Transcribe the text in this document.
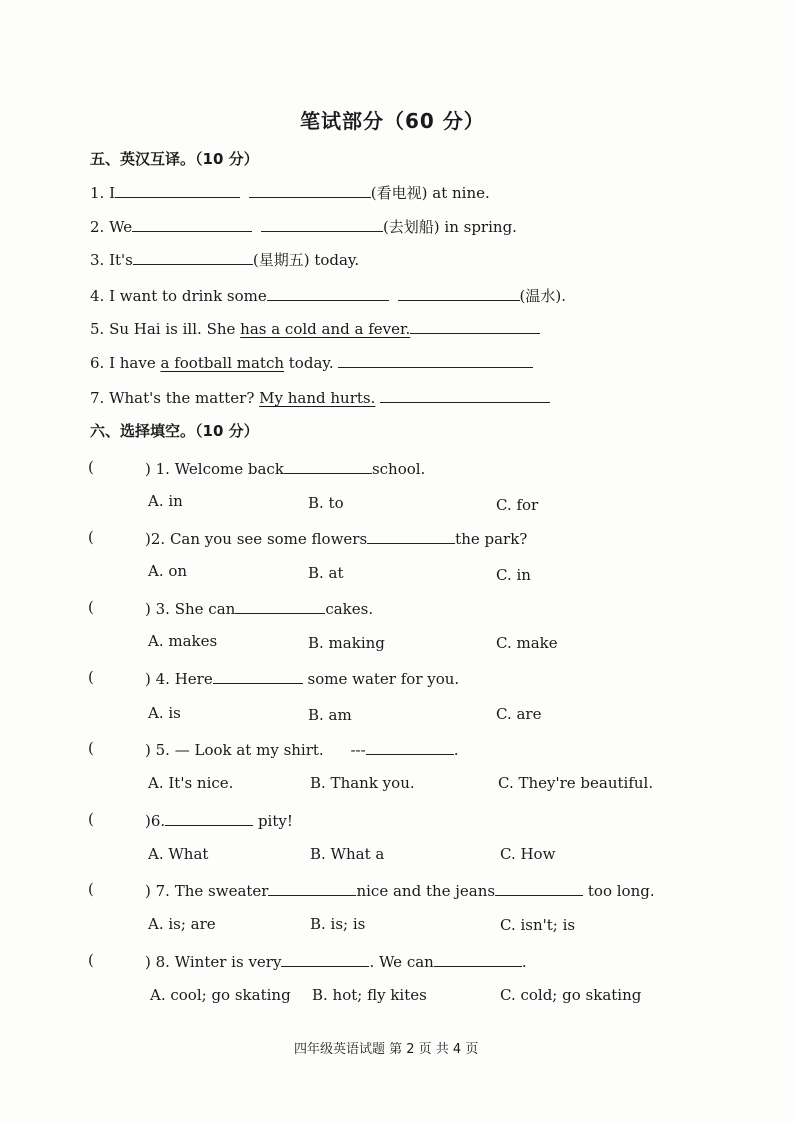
笔试部分（60 分）
五、英汉互译。（10 分）
1. I	(看电视) at nine.
2. We	(去划船) in spring.
3. It's	(星期五) today.
4. I want to drink some	(温水).
5. Su Hai is ill. She has a cold and a fever.
6. I have a football match today.
7. What's the matter? My hand hurts.
六、选择填空。（10 分）
(	) 1. Welcome back	school.
A. in	B. to	C. for
(	)2. Can you see some flowers	the park?
A. on	B. at	C. in
(	) 3. She can	cakes.
A. makes	B. making	C. make
(	) 4. Here	some water for you.
A. is	B. am	C. are
(	) 5. — Look at my shirt. ---	.
A. It's nice.	B. Thank you.	C. They're beautiful.
(	)6.	pity!
A. What	B. What a	C. How
(	) 7. The sweater	nice and the jeans	too long.
A. is; are	B. is; is	C. isn't; is
(	) 8. Winter is very	. We can	.
A. cool; go skating B. hot; fly kites	C. cold; go skating
四年级英语试题 第 2 页 共 4 页
